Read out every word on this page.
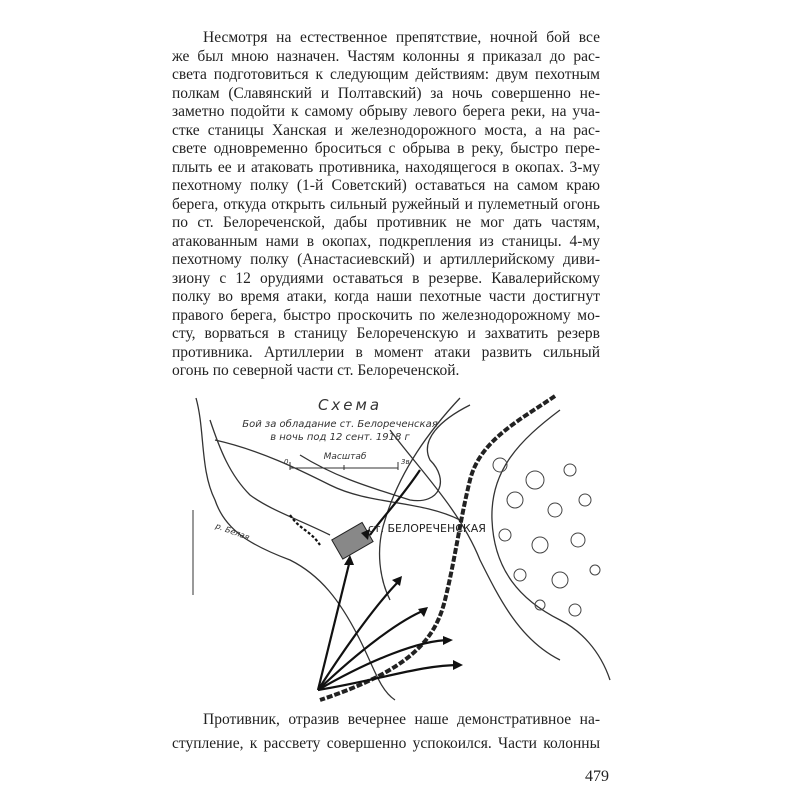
Несмотря на естественное препятствие, ночной бой все
же был мною назначен. Частям колонны я приказал до рас-
света подготовиться к следующим действиям: двум пехотным
полкам (Славянский и Полтавский) за ночь совершенно не-
заметно подойти к самому обрыву левого берега реки, на уча-
стке станицы Ханская и железнодорожного моста, а на рас-
свете одновременно броситься с обрыва в реку, быстро пере-
плыть ее и атаковать противника, находящегося в окопах. 3-му
пехотному полку (1-й Советский) оставаться на самом краю
берега, откуда открыть сильный ружейный и пулеметный огонь
по ст. Белореченской, дабы противник не мог дать частям,
атакованным нами в окопах, подкрепления из станицы. 4-му
пехотному полку (Анастасиевский) и артиллерийскому диви-
зиону с 12 орудиями оставаться в резерве. Кавалерийскому
полку во время атаки, когда наши пехотные части достигнут
правого берега, быстро проскочить по железнодорожному мо-
сту, ворваться в станицу Белореченскую и захватить резерв
противника. Артиллерии в момент атаки развить сильный
огонь по северной части ст. Белореченской.
Схема
Бой за обладание ст. Белореченская
в ночь под 12 сент. 1918 г
Масштаб
0	3в
р. Белая	ст. БЕЛОРЕЧЕНСКАЯ
Противник, отразив вечернее наше демонстративное на-
ступление, к рассвету совершенно успокоился. Части колонны
479
